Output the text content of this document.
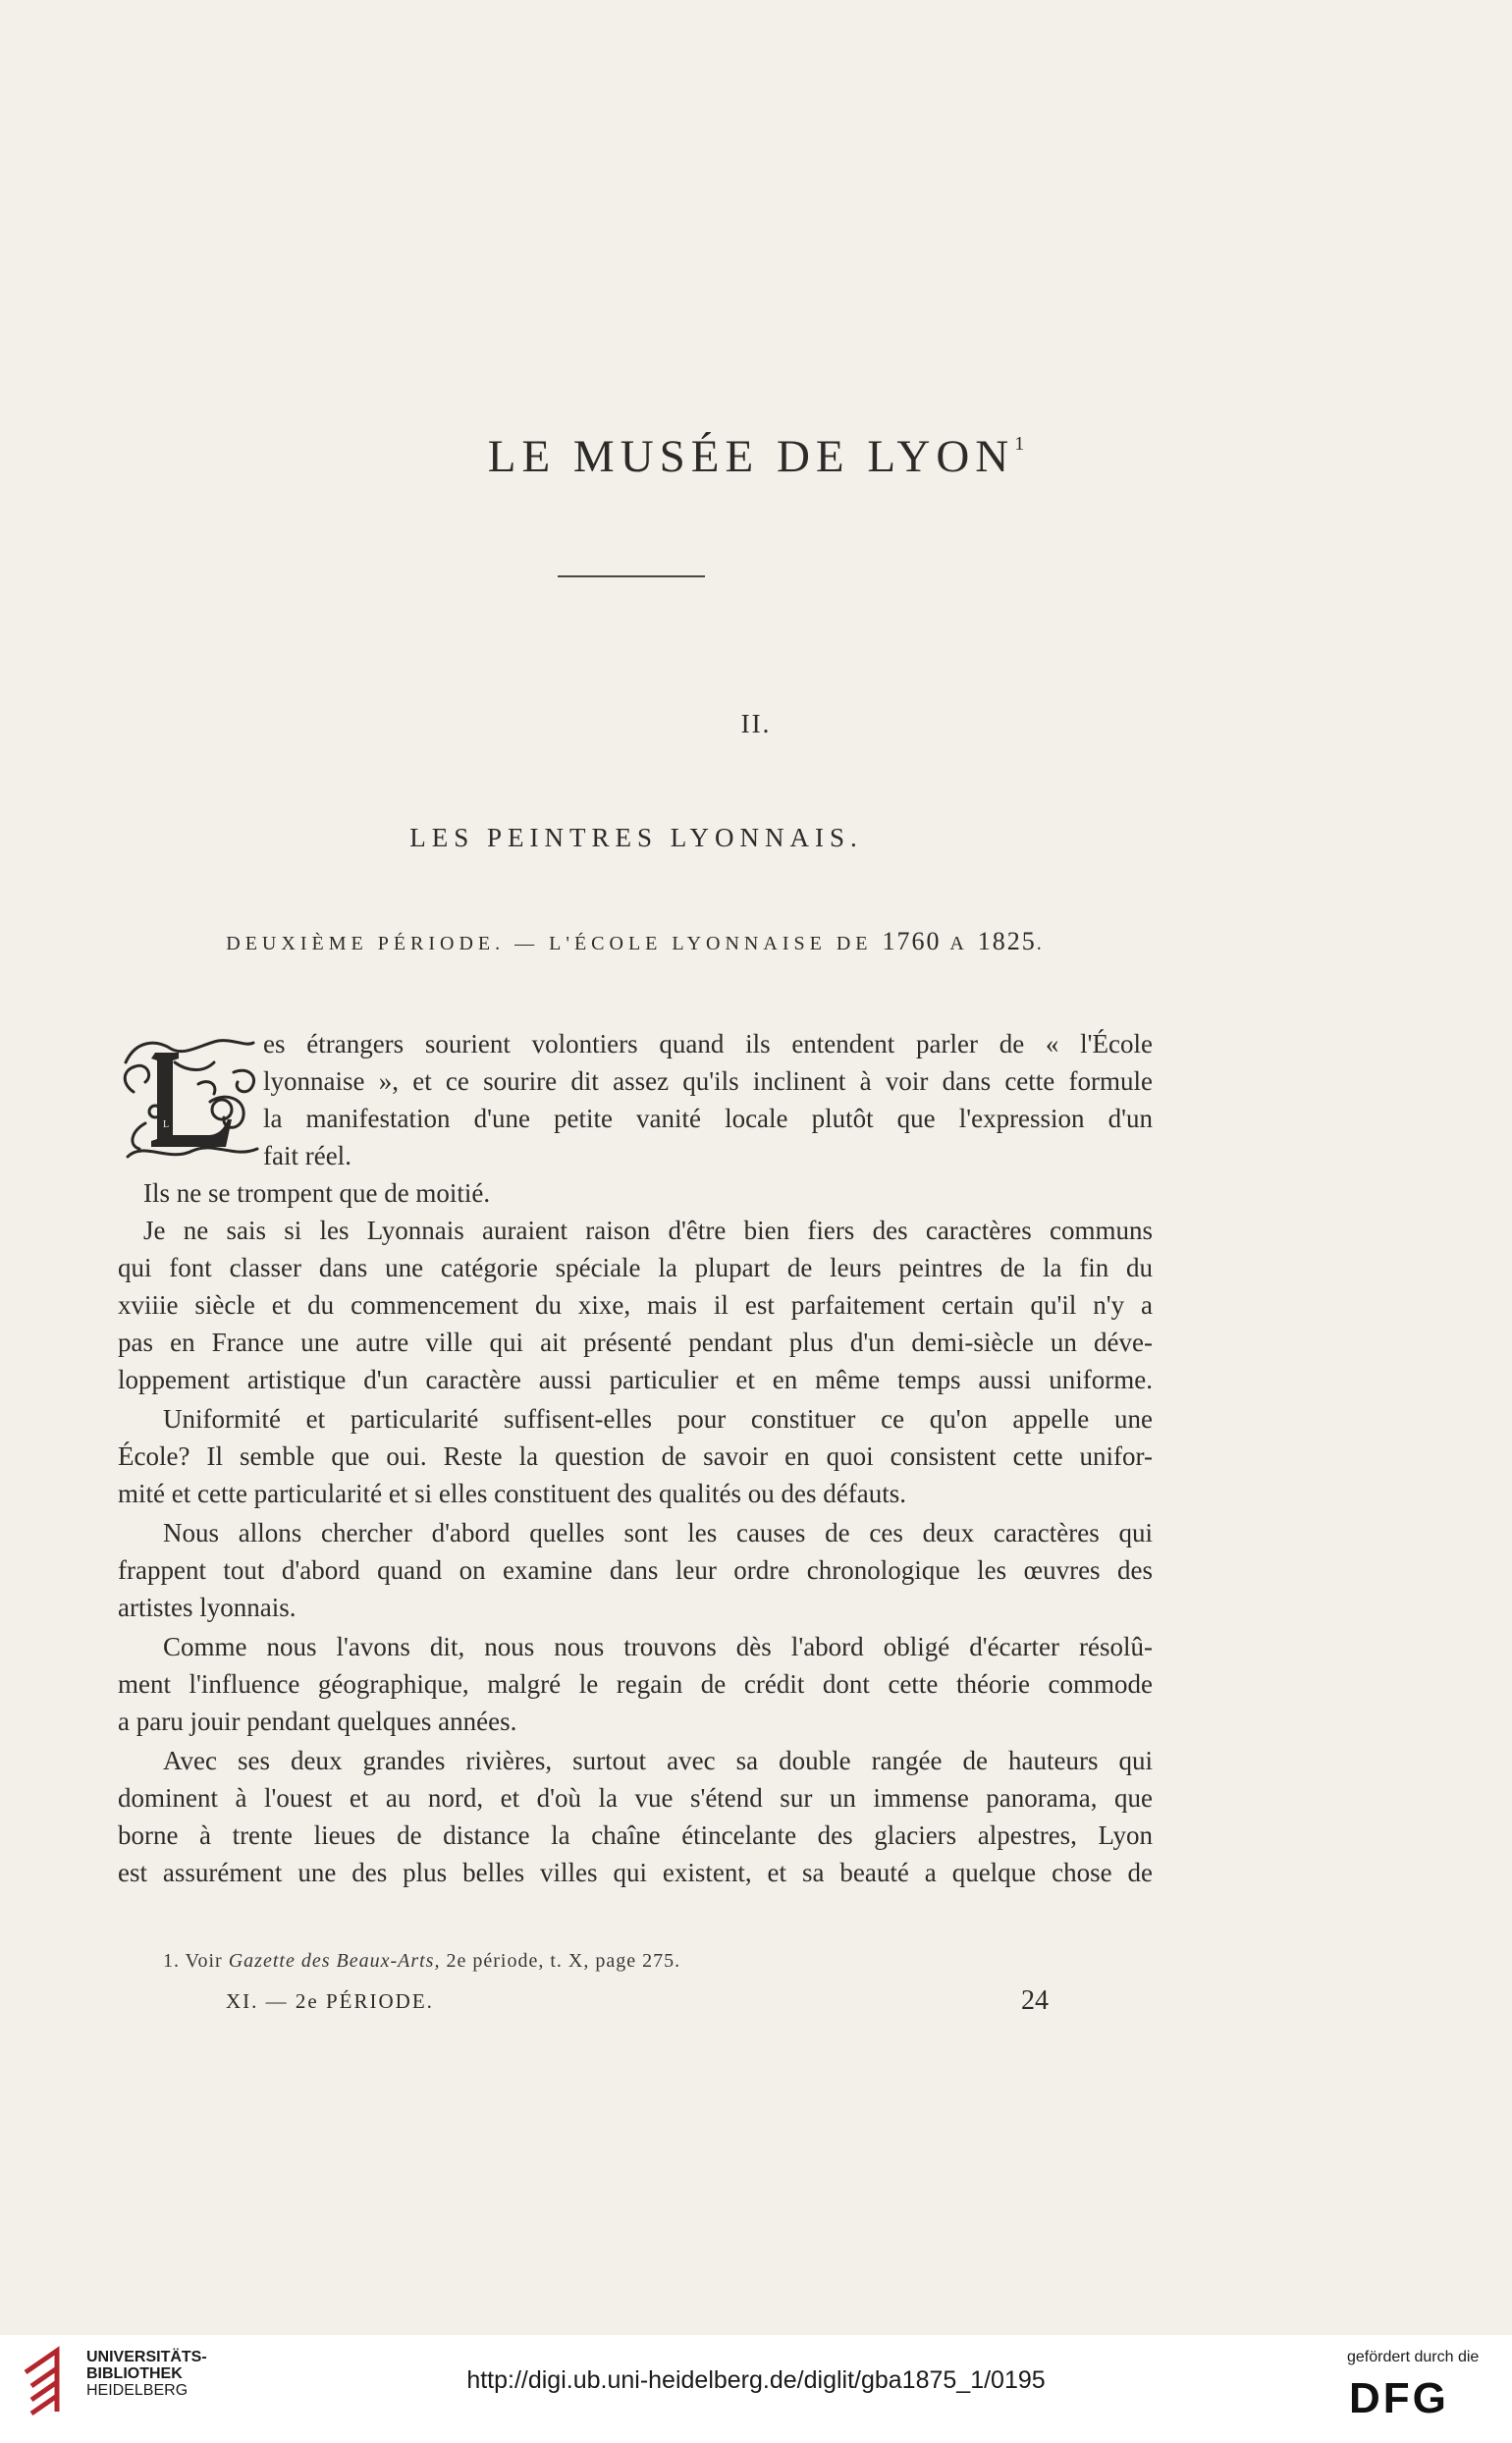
LE MUSÉE DE LYON$^1$
II.
LES PEINTRES LYONNAIS.
DEUXIÈME PÉRIODE. — L'ÉCOLE LYONNAISE DE 1760 A 1825.
L
es étrangers sourient volontiers quand ils entendent parler de « l'École
lyonnaise », et ce sourire dit assez qu'ils inclinent à voir dans cette formule
la manifestation d'une petite vanité locale plutôt que l'expression d'un
fait réel.
Ils ne se trompent que de moitié.
Je ne sais si les Lyonnais auraient raison d'être bien fiers des caractères communs
qui font classer dans une catégorie spéciale la plupart de leurs peintres de la fin du
xviiie siècle et du commencement du xixe, mais il est parfaitement certain qu'il n'y a
pas en France une autre ville qui ait présenté pendant plus d'un demi-siècle un déve-
loppement artistique d'un caractère aussi particulier et en même temps aussi uniforme.
Uniformité et particularité suffisent-elles pour constituer ce qu'on appelle une
École? Il semble que oui. Reste la question de savoir en quoi consistent cette unifor-
mité et cette particularité et si elles constituent des qualités ou des défauts.
Nous allons chercher d'abord quelles sont les causes de ces deux caractères qui
frappent tout d'abord quand on examine dans leur ordre chronologique les œuvres des
artistes lyonnais.
Comme nous l'avons dit, nous nous trouvons dès l'abord obligé d'écarter résolû-
ment l'influence géographique, malgré le regain de crédit dont cette théorie commode
a paru jouir pendant quelques années.
Avec ses deux grandes rivières, surtout avec sa double rangée de hauteurs qui
dominent à l'ouest et au nord, et d'où la vue s'étend sur un immense panorama, que
borne à trente lieues de distance la chaîne étincelante des glaciers alpestres, Lyon
est assurément une des plus belles villes qui existent, et sa beauté a quelque chose de
1. Voir Gazette des Beaux-Arts, 2e période, t. X, page 275.
XI. — 2e PÉRIODE.	24
UNIVERSITÄTS-
BIBLIOTHEK
HEIDELBERG	http://digi.ub.uni-heidelberg.de/diglit/gba1875_1/0195
gefördert durch die
DFG
